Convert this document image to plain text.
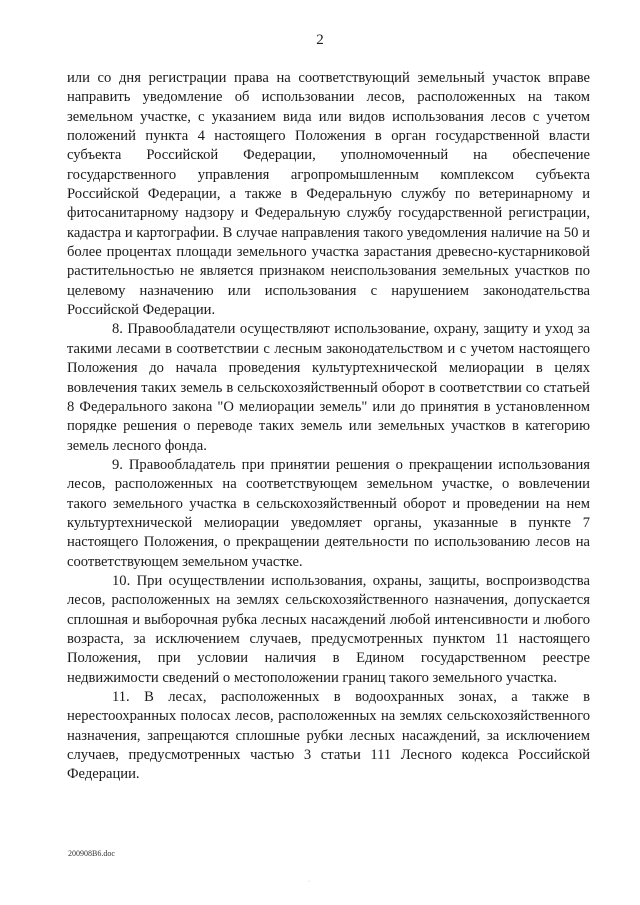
2

или со дня регистрации права на соответствующий земельный участок вправе направить уведомление об использовании лесов, расположенных на таком земельном участке, с указанием вида или видов использования лесов с учетом положений пункта 4 настоящего Положения в орган государственной власти субъекта Российской Федерации, уполномоченный на обеспечение государственного управления агропромышленным комплексом субъекта Российской Федерации, а также в Федеральную службу по ветеринарному и фитосанитарному надзору и Федеральную службу государственной регистрации, кадастра и картографии. В случае направления такого уведомления наличие на 50 и более процентах площади земельного участка зарастания древесно-кустарниковой растительностью не является признаком неиспользования земельных участков по целевому назначению или использования с нарушением законодательства Российской Федерации.

8. Правообладатели осуществляют использование, охрану, защиту и уход за такими лесами в соответствии с лесным законодательством и с учетом настоящего Положения до начала проведения культуртехнической мелиорации в целях вовлечения таких земель в сельскохозяйственный оборот в соответствии со статьей 8 Федерального закона "О мелиорации земель" или до принятия в установленном порядке решения о переводе таких земель или земельных участков в категорию земель лесного фонда.

9. Правообладатель при принятии решения о прекращении использования лесов, расположенных на соответствующем земельном участке, о вовлечении такого земельного участка в сельскохозяйственный оборот и проведении на нем культуртехнической мелиорации уведомляет органы, указанные в пункте 7 настоящего Положения, о прекращении деятельности по использованию лесов на соответствующем земельном участке.

10. При осуществлении использования, охраны, защиты, воспроизводства лесов, расположенных на землях сельскохозяйственного назначения, допускается сплошная и выборочная рубка лесных насаждений любой интенсивности и любого возраста, за исключением случаев, предусмотренных пунктом 11 настоящего Положения, при условии наличия в Едином государственном реестре недвижимости сведений о местоположении границ такого земельного участка.

11. В лесах, расположенных в водоохранных зонах, а также в нерестоохранных полосах лесов, расположенных на землях сельскохозяйственного назначения, запрещаются сплошные рубки лесных насаждений, за исключением случаев, предусмотренных частью 3 статьи 111 Лесного кодекса Российской Федерации.

200908B6.doc
·
